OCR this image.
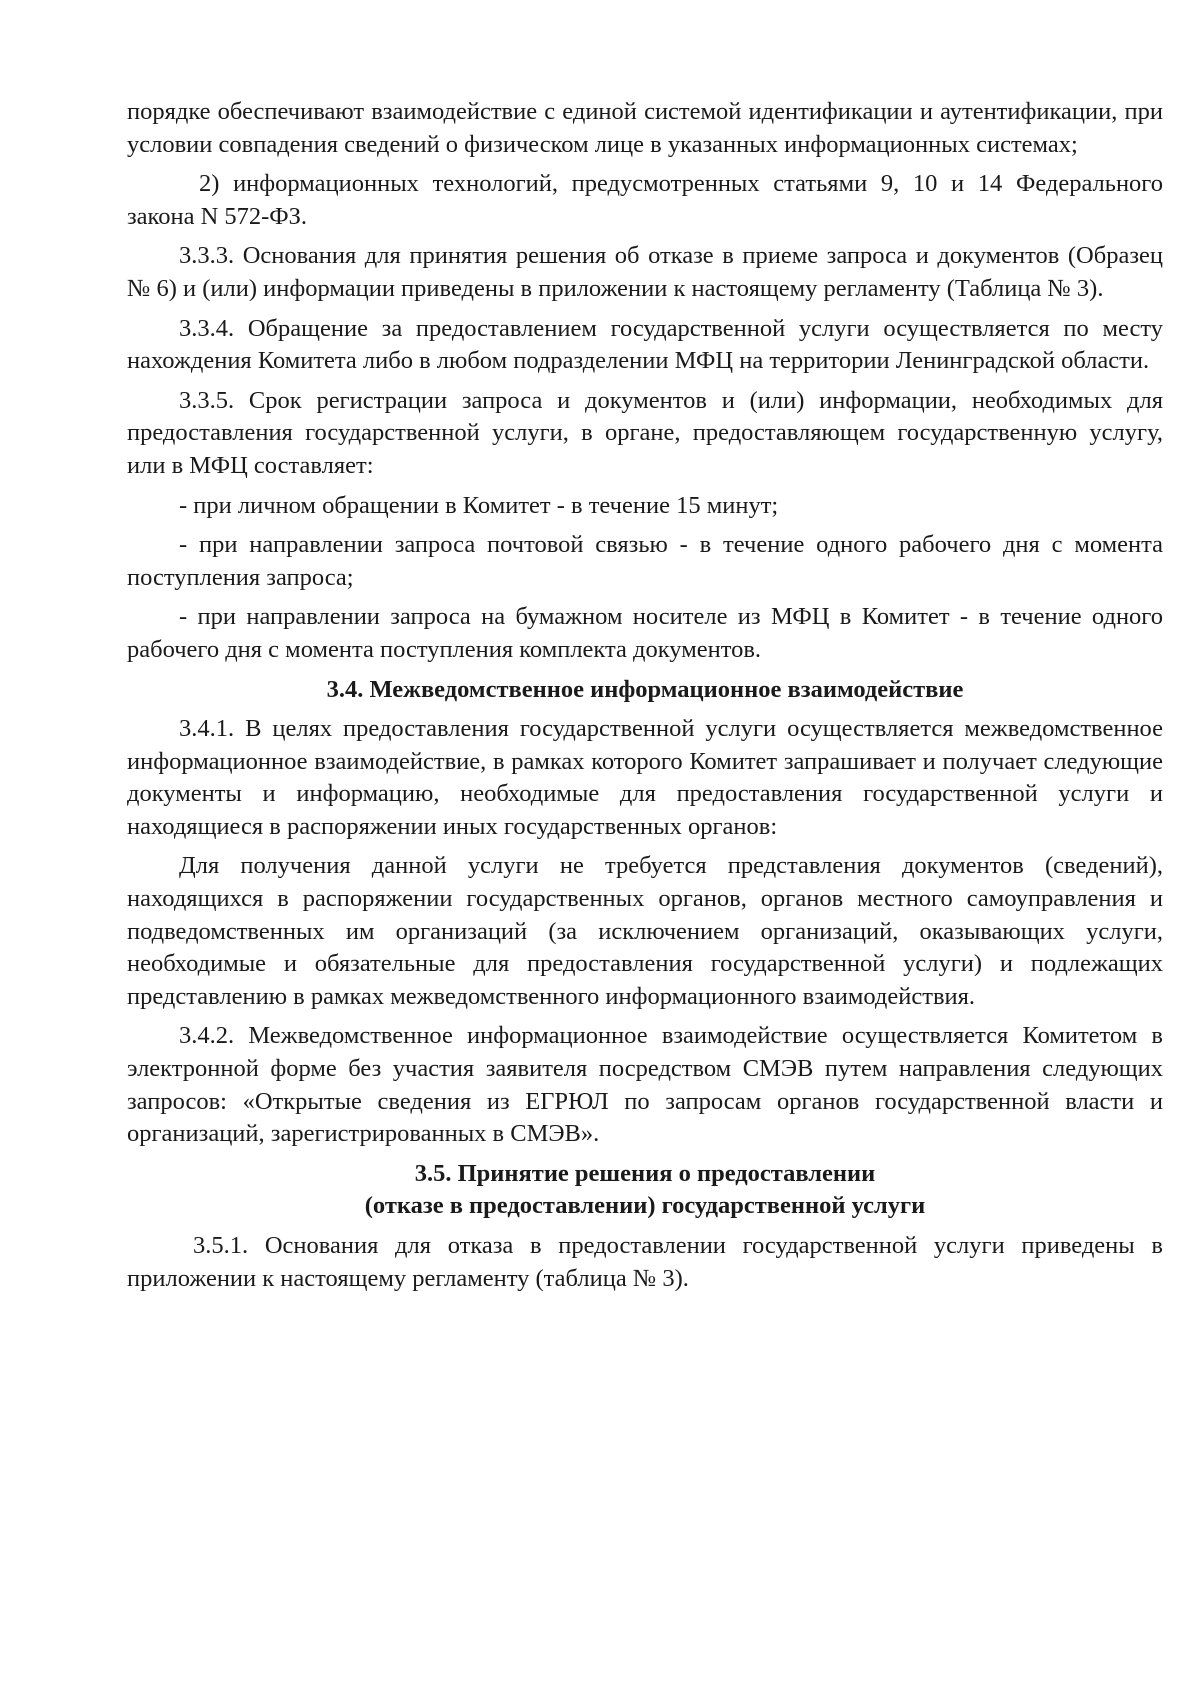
порядке обеспечивают взаимодействие с единой системой идентификации и аутентификации, при условии совпадения сведений о физическом лице в указанных информационных системах;

2) информационных технологий, предусмотренных статьями 9, 10 и 14 Федерального закона N 572-ФЗ.

3.3.3. Основания для принятия решения об отказе в приеме запроса и документов (Образец № 6) и (или) информации приведены в приложении к настоящему регламенту (Таблица № 3).

3.3.4. Обращение за предоставлением государственной услуги осуществляется по месту нахождения Комитета либо в любом подразделении МФЦ на территории Ленинградской области.

3.3.5. Срок регистрации запроса и документов и (или) информации, необходимых для предоставления государственной услуги, в органе, предоставляющем государственную услугу, или в МФЦ составляет:

- при личном обращении в Комитет - в течение 15 минут;

- при направлении запроса почтовой связью - в течение одного рабочего дня с момента поступления запроса;

- при направлении запроса на бумажном носителе из МФЦ в Комитет - в течение одного рабочего дня с момента поступления комплекта документов.

3.4. Межведомственное информационное взаимодействие

3.4.1. В целях предоставления государственной услуги осуществляется межведомственное информационное взаимодействие, в рамках которого Комитет запрашивает и получает следующие документы и информацию, необходимые для предоставления государственной услуги и находящиеся в распоряжении иных государственных органов:

Для получения данной услуги не требуется представления документов (сведений), находящихся в распоряжении государственных органов, органов местного самоуправления и подведомственных им организаций (за исключением организаций, оказывающих услуги, необходимые и обязательные для предоставления государственной услуги) и подлежащих представлению в рамках межведомственного информационного взаимодействия.

3.4.2. Межведомственное информационное взаимодействие осуществляется Комитетом в электронной форме без участия заявителя посредством СМЭВ путем направления следующих запросов: «Открытые сведения из ЕГРЮЛ по запросам органов государственной власти и организаций, зарегистрированных в СМЭВ».

3.5. Принятие решения о предоставлении
(отказе в предоставлении) государственной услуги

3.5.1. Основания для отказа в предоставлении государственной услуги приведены в приложении к настоящему регламенту (таблица № 3).
